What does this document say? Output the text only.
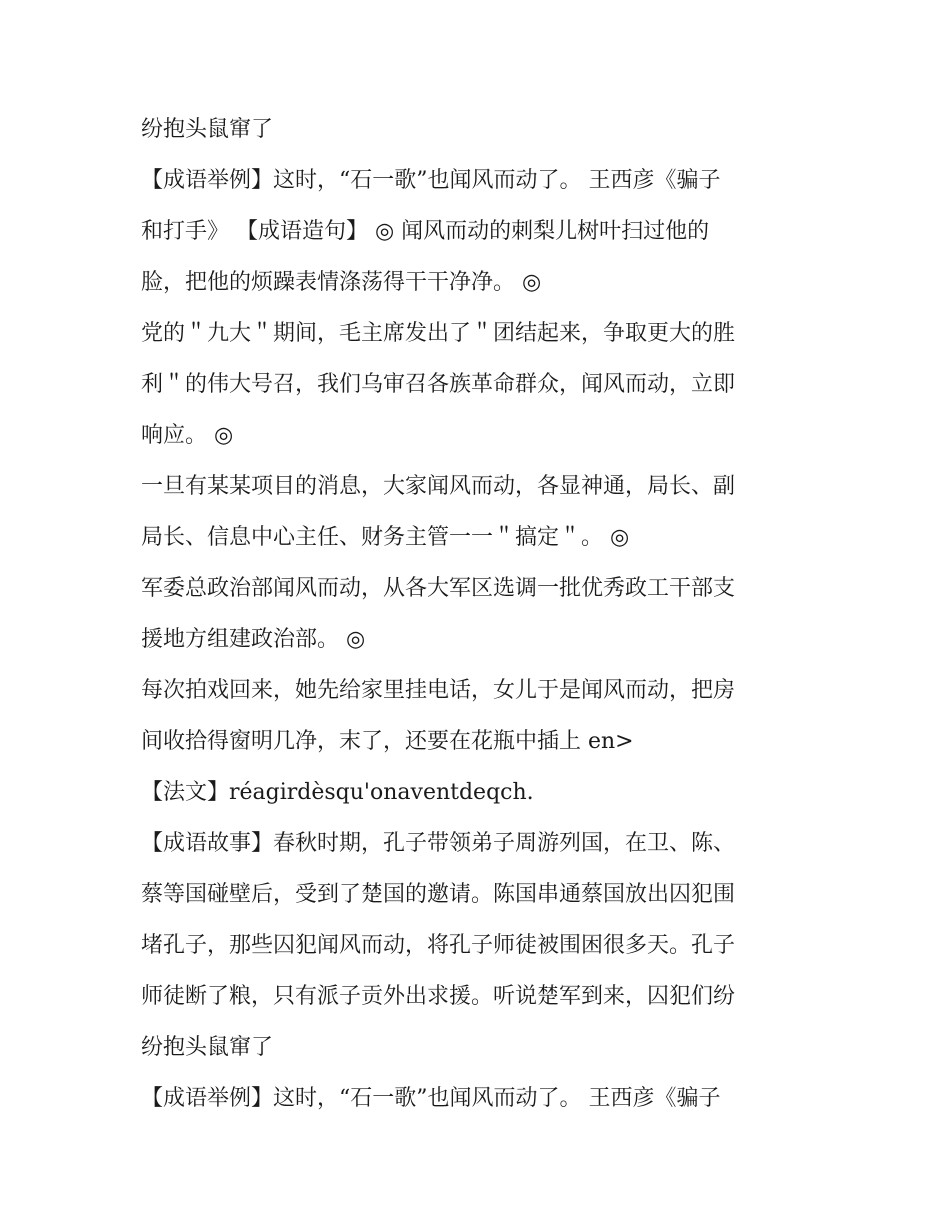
纷抱头鼠窜了
【成语举例】这时，“石一歌”也闻风而动了。 王西彦《骗子
和打手》 【成语造句】 ◎ 闻风而动的刺梨儿树叶扫过他的
脸，把他的烦躁表情涤荡得干干净净。 ◎
党的＂九大＂期间，毛主席发出了＂团结起来，争取更大的胜
利＂的伟大号召，我们乌审召各族革命群众，闻风而动，立即
响应。 ◎
一旦有某某项目的消息，大家闻风而动，各显神通，局长、副
局长、信息中心主任、财务主管一一＂搞定＂。 ◎
军委总政治部闻风而动，从各大军区选调一批优秀政工干部支
援地方组建政治部。 ◎
每次拍戏回来，她先给家里挂电话，女儿于是闻风而动，把房
间收拾得窗明几净，末了，还要在花瓶中插上 en>
【法文】réagirdèsqu'onaventdeqch.
【成语故事】春秋时期，孔子带领弟子周游列国，在卫、陈、
蔡等国碰壁后，受到了楚国的邀请。陈国串通蔡国放出囚犯围
堵孔子，那些囚犯闻风而动，将孔子师徒被围困很多天。孔子
师徒断了粮，只有派子贡外出求援。听说楚军到来，囚犯们纷
纷抱头鼠窜了
【成语举例】这时，“石一歌”也闻风而动了。 王西彦《骗子
